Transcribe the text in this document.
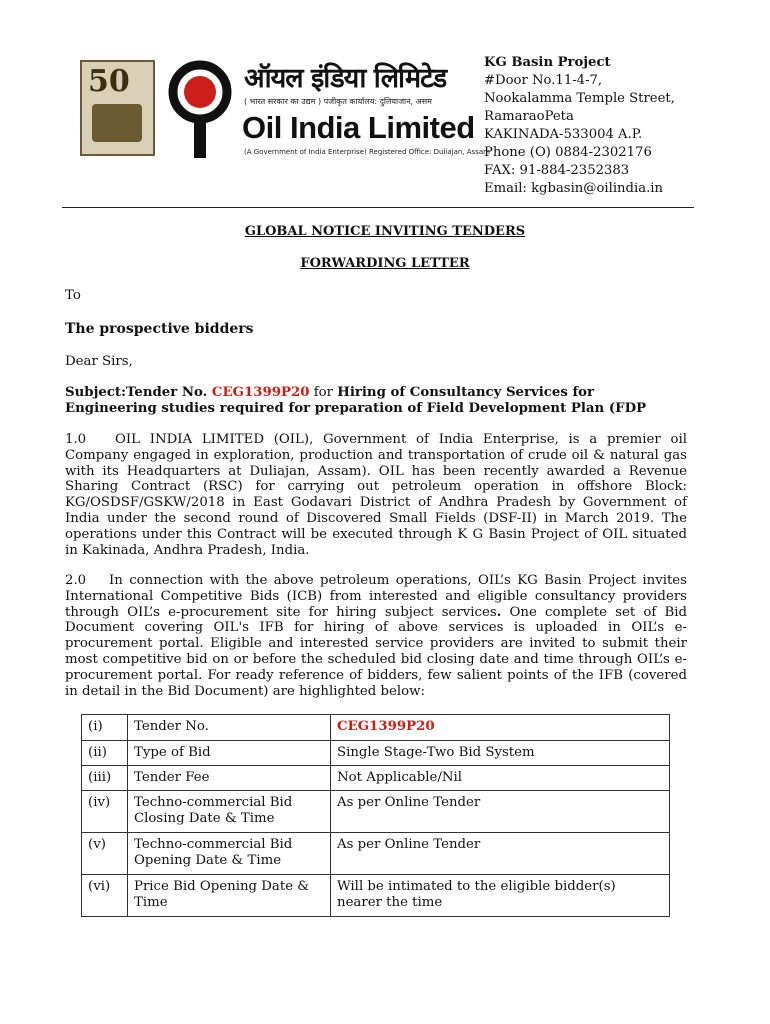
50	ऑयल इंडिया लिमिटेड
( भारत सरकार का उद्यम ) पंजीकृत कार्यालय: दुलियाजान, असम
Oil India Limited
(A Government of India Enterprise) Registered Office: Duliajan, Assam
KG Basin Project
#Door No.11-4-7,
Nookalamma Temple Street,
RamaraoPeta
KAKINADA-533004 A.P.
Phone (O) 0884-2302176
FAX: 91-884-2352383
Email: kgbasin@oilindia.in
GLOBAL NOTICE INVITING TENDERS
FORWARDING LETTER
To
The prospective bidders
Dear Sirs,
Subject:Tender No. CEG1399P20 for Hiring of Consultancy Services for Engineering studies required for preparation of Field Development Plan (FDP
1.0 OIL INDIA LIMITED (OIL), Government of India Enterprise, is a premier oil Company engaged in exploration, production and transportation of crude oil & natural gas with its Headquarters at Duliajan, Assam). OIL has been recently awarded a Revenue Sharing Contract (RSC) for carrying out petroleum operation in offshore Block: KG/OSDSF/GSKW/2018 in East Godavari District of Andhra Pradesh by Government of India under the second round of Discovered Small Fields (DSF-II) in March 2019. The operations under this Contract will be executed through K G Basin Project of OIL situated in Kakinada, Andhra Pradesh, India.
2.0 In connection with the above petroleum operations, OIL’s KG Basin Project invites International Competitive Bids (ICB) from interested and eligible consultancy providers through OIL’s e-procurement site for hiring subject services. One complete set of Bid Document covering OIL's IFB for hiring of above services is uploaded in OIL’s e-procurement portal. Eligible and interested service providers are invited to submit their most competitive bid on or before the scheduled bid closing date and time through OIL’s e-procurement portal. For ready reference of bidders, few salient points of the IFB (covered in detail in the Bid Document) are highlighted below:
(i)	Tender No.	CEG1399P20
(ii)	Type of Bid	Single Stage-Two Bid System
(iii)	Tender Fee	Not Applicable/Nil
(iv)	Techno-commercial Bid Closing Date & Time	As per Online Tender
(v)	Techno-commercial Bid Opening Date & Time	As per Online Tender
(vi)	Price Bid Opening Date & Time	Will be intimated to the eligible bidder(s) nearer the time
